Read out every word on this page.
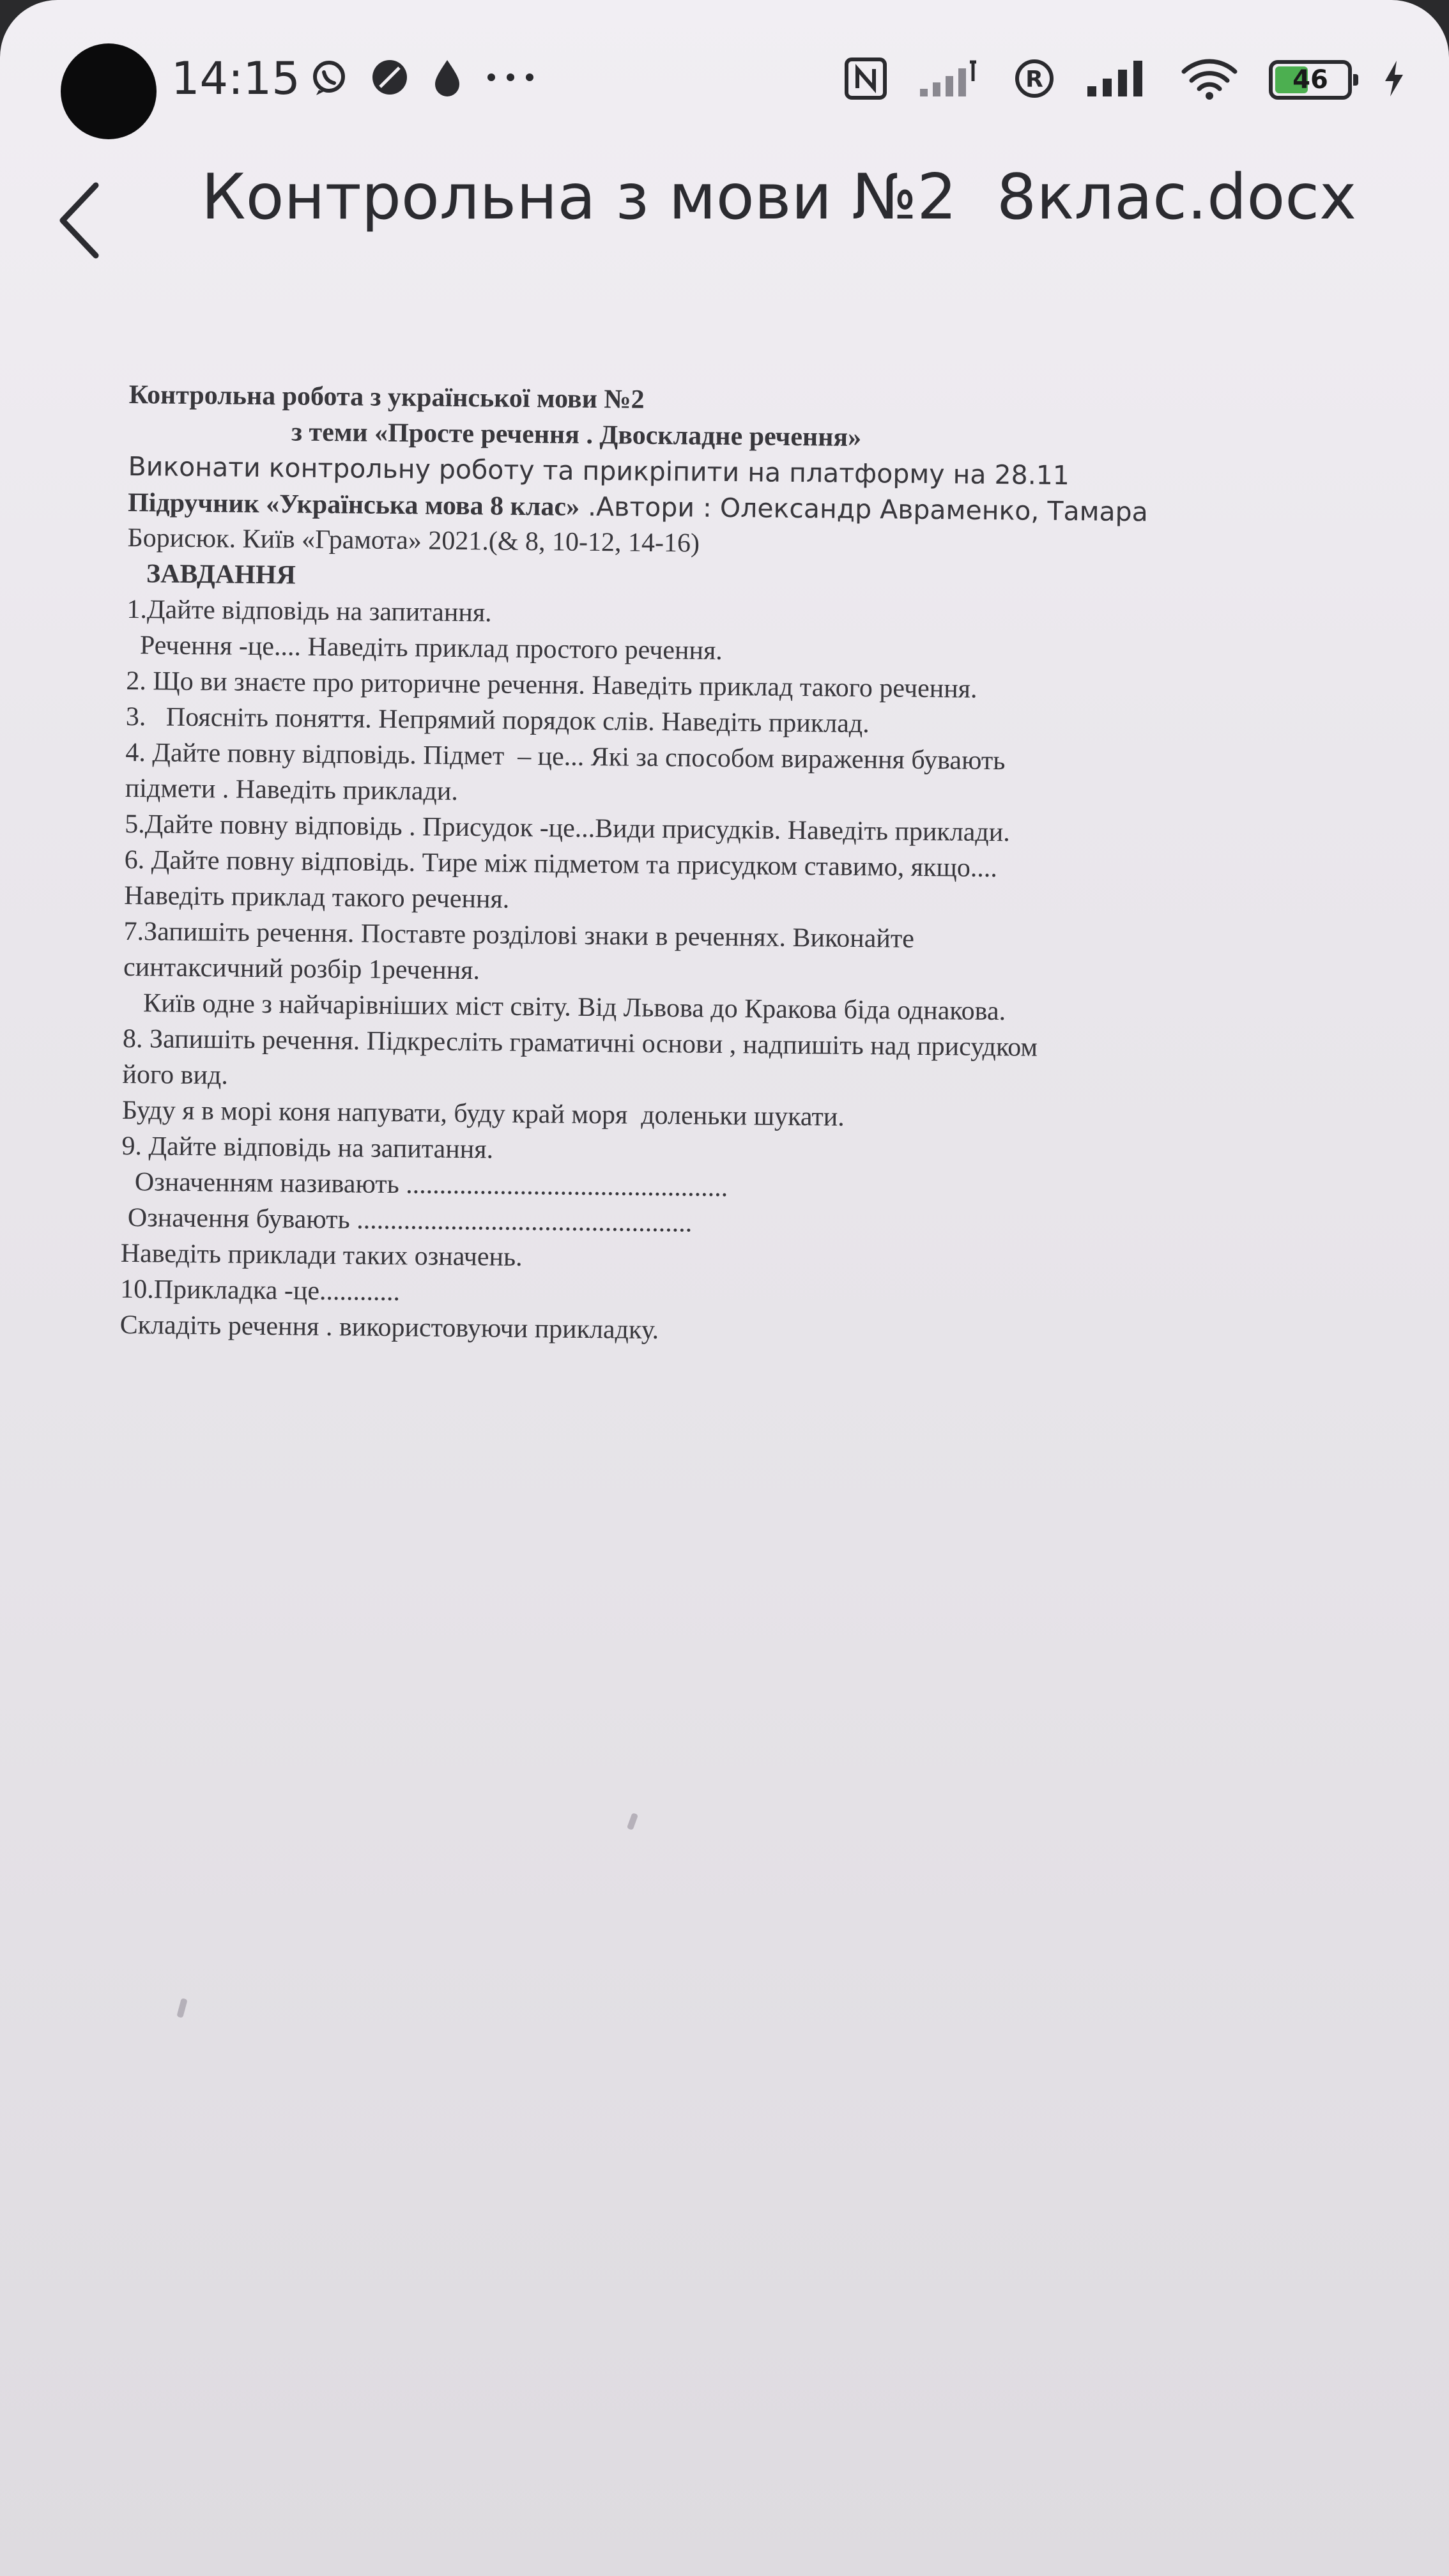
14:15	R	46
Контрольна з мови №2  8клас.docx

Контрольна робота з української мови №2

з теми «Просте речення . Двоскладне речення»

Виконати контрольну роботу та прикріпити на платформу на 28.11

Підручник «Українська мова 8 клас» .Автори : Олександр Авраменко, Тамара

Борисюк. Київ «Грамота» 2021.(& 8, 10-12, 14-16)

ЗАВДАННЯ

1.Дайте відповідь на запитання.

Речення -це.... Наведіть приклад простого речення.

2. Що ви знаєте про риторичне речення. Наведіть приклад такого речення.

3.   Поясніть поняття. Непрямий порядок слів. Наведіть приклад.

4. Дайте повну відповідь. Підмет  – це... Які за способом вираження бувають

підмети . Наведіть приклади.

5.Дайте повну відповідь . Присудок -це...Види присудків. Наведіть приклади.

6. Дайте повну відповідь. Тире між підметом та присудком ставимо, якщо....

Наведіть приклад такого речення.

7.Запишіть речення. Поставте розділові знаки в реченнях. Виконайте

синтаксичний розбір 1речення.

Київ одне з найчарівніших міст світу. Від Львова до Кракова біда однакова.

8. Запишіть речення. Підкресліть граматичні основи , надпишіть над присудком

його вид.

Буду я в морі коня напувати, буду край моря  доленьки шукати.

9. Дайте відповідь на запитання.

Означенням називають ................................................

Означення бувають ..................................................

Наведіть приклади таких означень.

10.Прикладка -це............

Складіть речення . використовуючи прикладку.
